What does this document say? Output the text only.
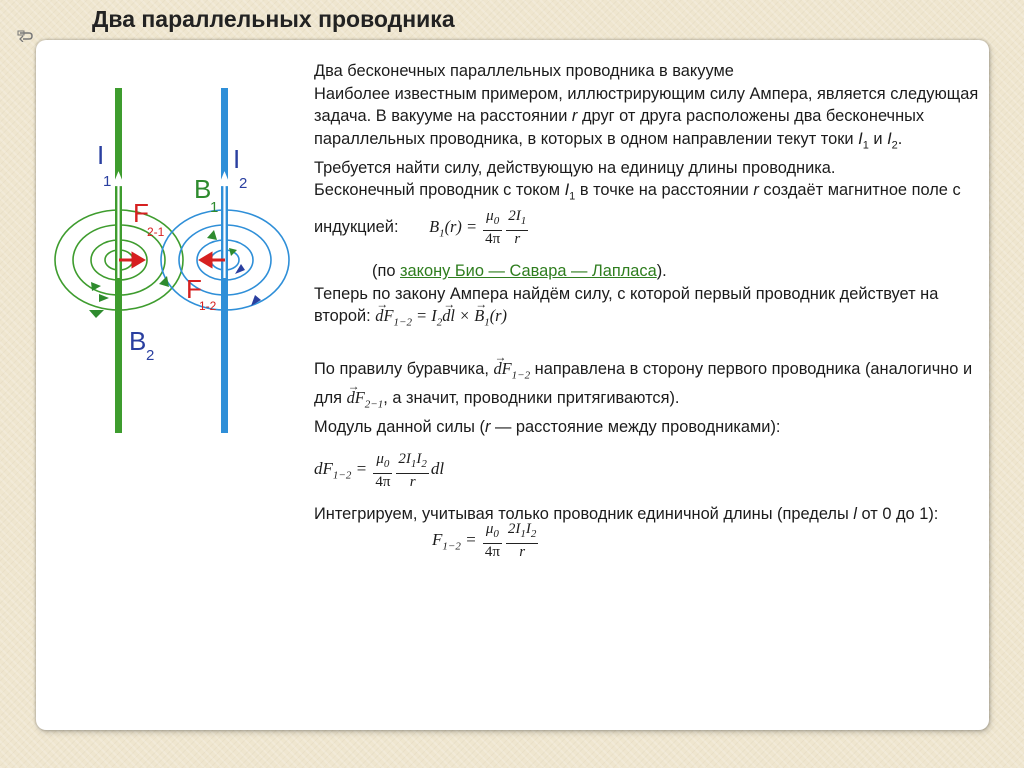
Два параллельных проводника
I
1
I
2
B
1
B 2
F
2-1
F
1-2

Два бесконечных параллельных проводника в вакууме
Наиболее известным примером, иллюстрирующим силу Ампера, является следующая задача. В вакууме на расстоянии r друг от друга расположены два бесконечных параллельных проводника, в которых в одном направлении текут токи $I_1$ и $I_2$. Требуется найти силу, действующую на единицу длины проводника.

Бесконечный проводник с током $I_1$ в точке на расстоянии r создаёт магнитное поле с индукцией: $B_1(r) = \frac{\mu_0}{4\pi} \frac{2I_1}{r}$

(по закону Био — Савара — Лапласа).

Теперь по закону Ампера найдём силу, с которой первый проводник действует на второй: → $dF_{1-2} = I_2\to$ dl × → $B_1(r)$

По правилу буравчика, → $dF_{1-2}$ направлена в сторону первого проводника (аналогично и для → $dF_{2-1}$, а значит, проводники притягиваются).

Модуль данной силы (r — расстояние между проводниками):

$dF_{1-2} = \frac{\mu_0}{4\pi} \frac{2I_1I_2}{r}$ dl

Интегрируем, учитывая только проводник единичной длины (пределы l от 0 до 1):

$F_{1-2} = \frac{\mu_0}{4\pi} \frac{2I_1I_2}{r}$
